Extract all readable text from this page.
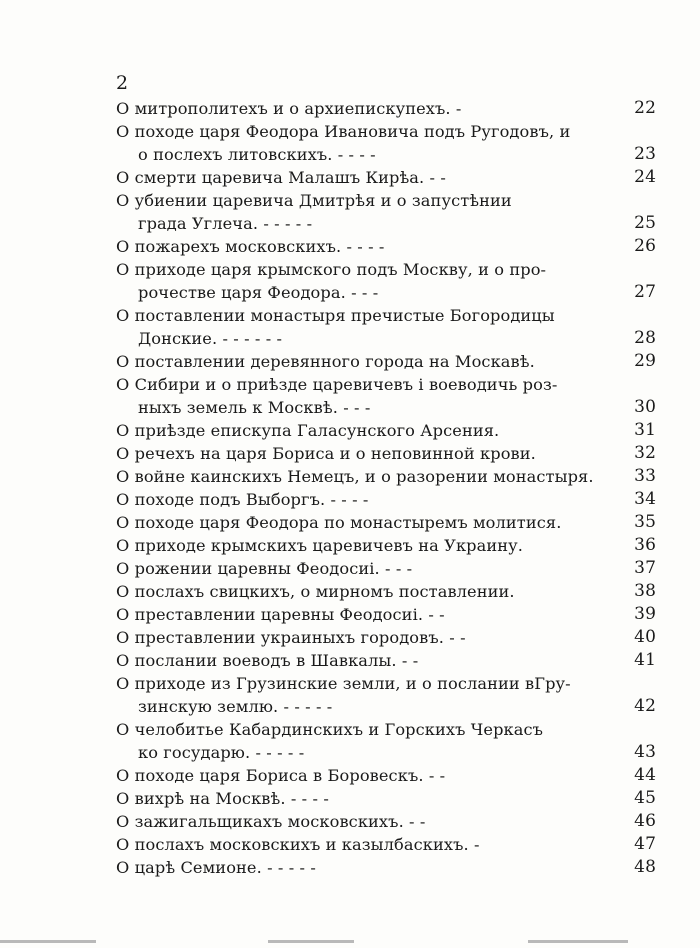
2
О митрополитехъ и о архиепискупехъ. -	22
О походе царя Феодора Ивановича подъ Ругодовъ, и
о послехъ литовскихъ. - - - -	23
О смерти царевича Малашъ Кирѣа. - -	24
О убиении царевича Дмитрѣя и о запустѣнии
града Углеча. - - - - -	25
О пожарехъ московскихъ. - - - -	26
О приходе царя крымского подъ Москву, и о про-
рочестве царя Феодора. - - -	27
О поставлении монастыря пречистые Богородицы
Донские. - - - - - -	28
О поставлении деревянного города на Москавѣ.	29
О Сибири и о приѣзде царевичевъ і воеводичь роз-
ныхъ земель к Москвѣ. - - -	30
О приѣзде епискупа Галасунского Арсения.	31
О речехъ на царя Бориса и о неповинной крови.	32
О войне каинскихъ Немецъ, и о разорении монастыря.	33
О походе подъ Выборгъ. - - - -	34
О походе царя Феодора по монастыремъ молитися.	35
О приходе крымскихъ царевичевъ на Украину.	36
О рожении царевны Феодосиі. - - -	37
О послахъ свицкихъ, о мирномъ поставлении.	38
О преставлении царевны Феодосиі. - -	39
О преставлении украиныхъ городовъ. - -	40
О послании воеводъ в Шавкалы. - -	41
О приходе из Грузинские земли, и о послании вГру-
зинскую землю. - - - - -	42
О челобитье Кабардинскихъ и Горскихъ Черкасъ
ко государю. - - - - -	43
О походе царя Бориса в Боровескъ. - -	44
О вихрѣ на Москвѣ. - - - -	45
О зажигальщикахъ московскихъ. - -	46
О послахъ московскихъ и казылбаскихъ. -	47
О царѣ Семионе. - - - - -	48
